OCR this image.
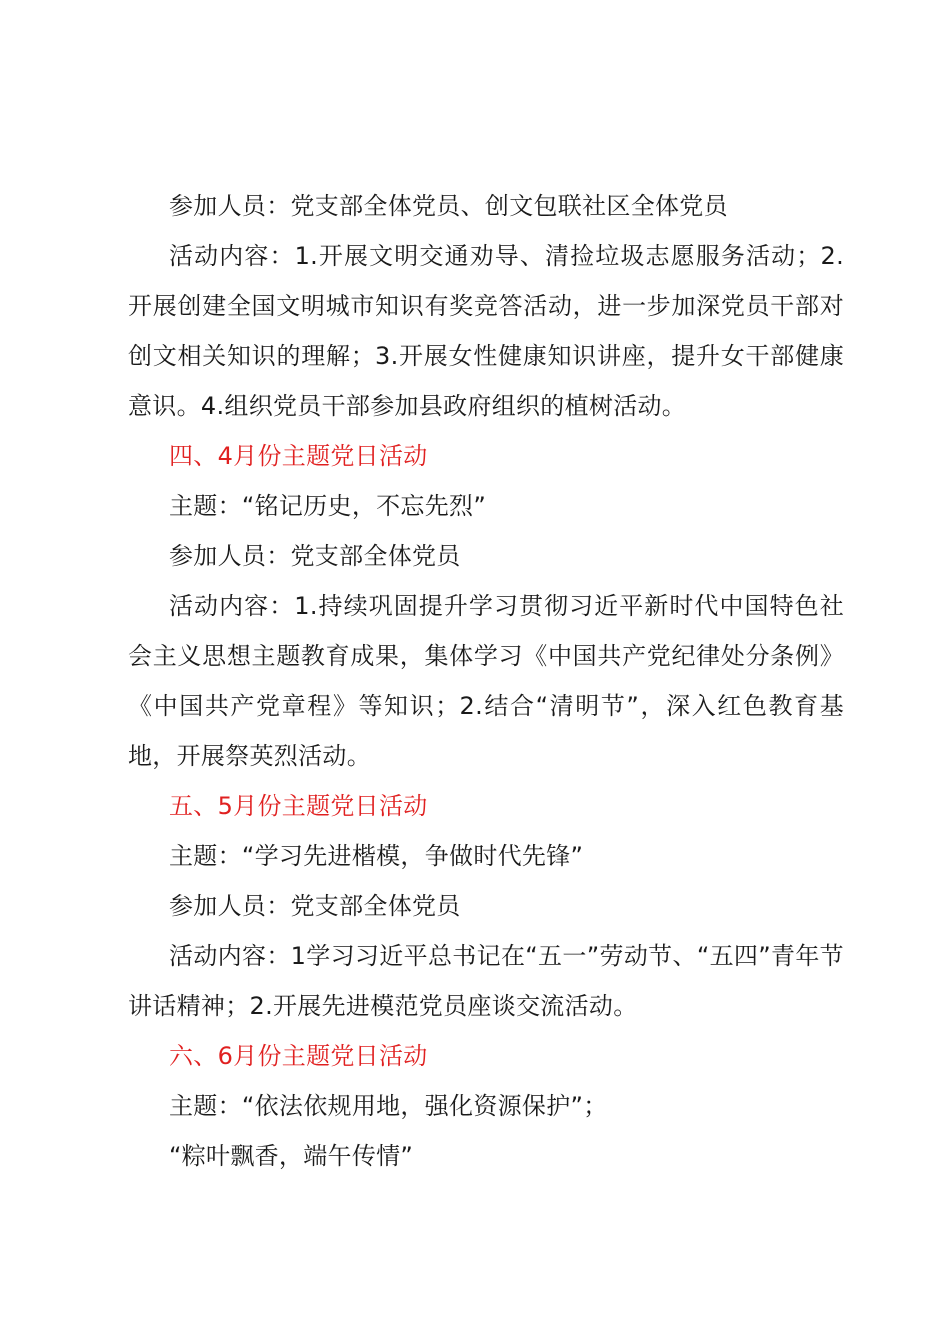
参加人员：党支部全体党员、创文包联社区全体党员

活动内容：1.开展文明交通劝导、清捡垃圾志愿服务活动；2.开展创建全国文明城市知识有奖竞答活动，进一步加深党员干部对创文相关知识的理解；3.开展女性健康知识讲座，提升女干部健康意识。4.组织党员干部参加县政府组织的植树活动。

四、4月份主题党日活动

主题：“铭记历史，不忘先烈”

参加人员：党支部全体党员

活动内容：1.持续巩固提升学习贯彻习近平新时代中国特色社会主义思想主题教育成果，集体学习《中国共产党纪律处分条例》《中国共产党章程》等知识；2.结合“清明节”，深入红色教育基地，开展祭英烈活动。

五、5月份主题党日活动

主题：“学习先进楷模，争做时代先锋”

参加人员：党支部全体党员

活动内容：1学习习近平总书记在“五一”劳动节、“五四”青年节讲话精神；2.开展先进模范党员座谈交流活动。

六、6月份主题党日活动

主题：“依法依规用地，强化资源保护”；

“粽叶飘香，端午传情”
